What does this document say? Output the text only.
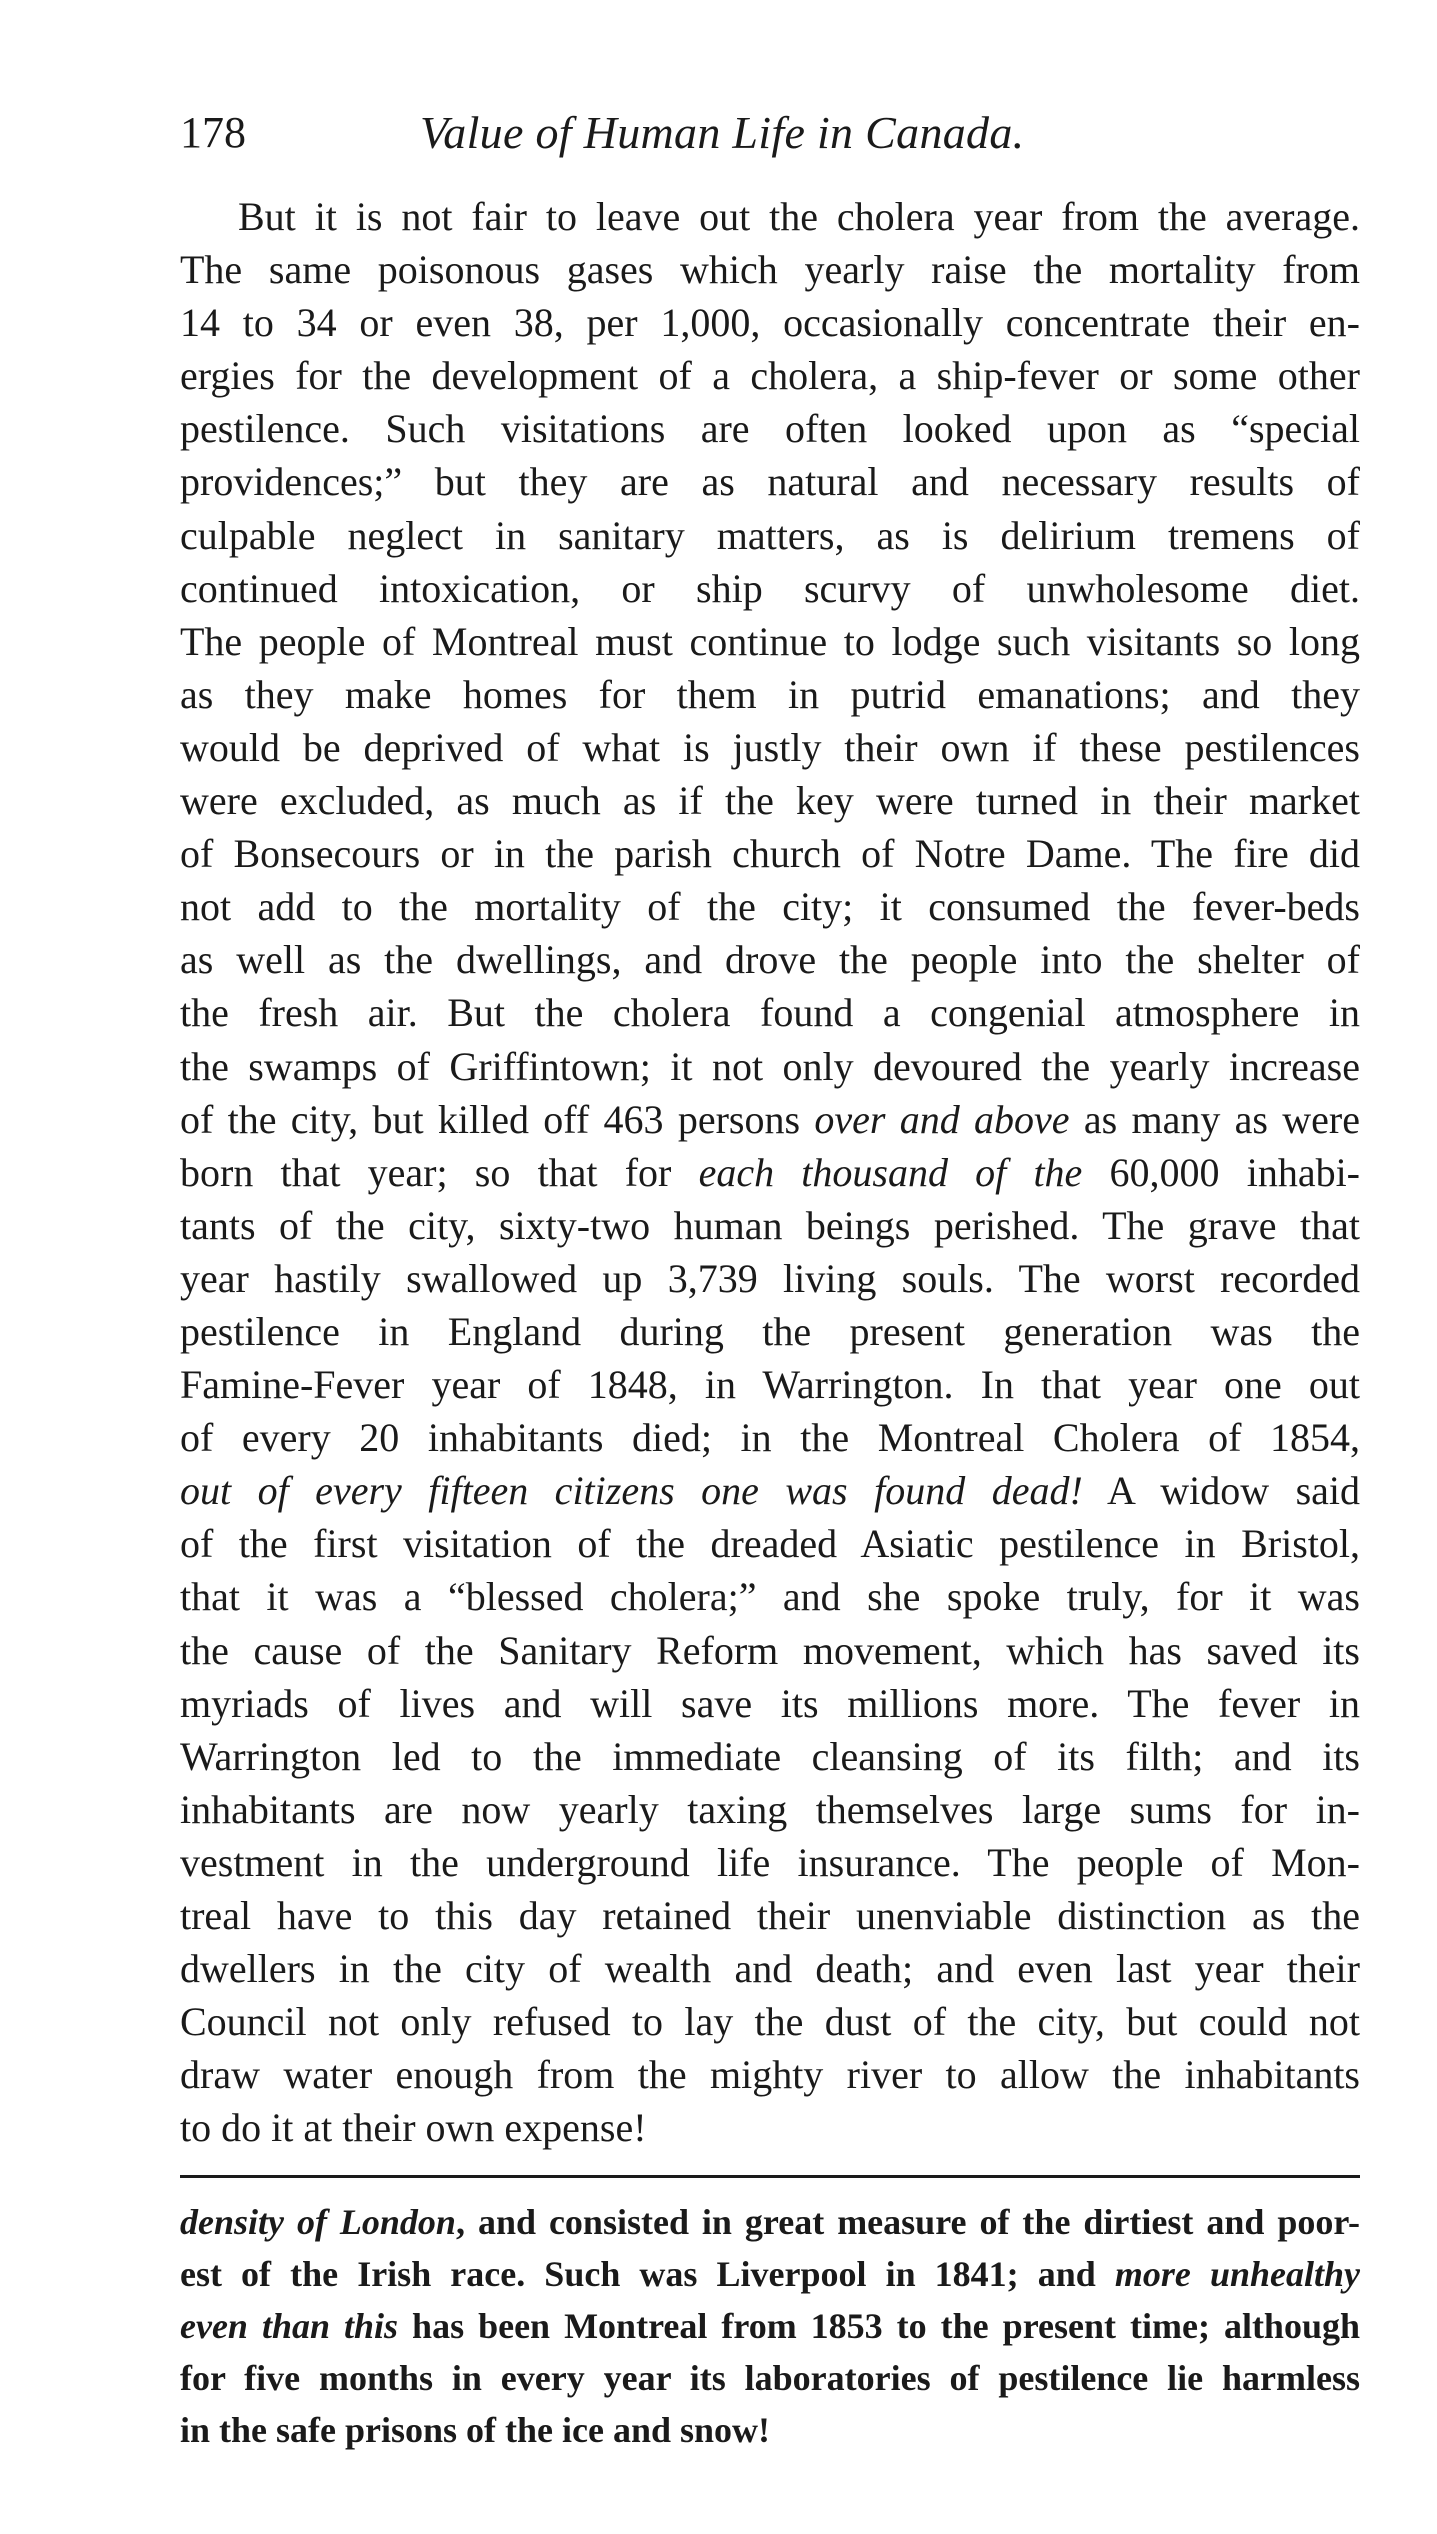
178	Value of Human Life in Canada.
But it is not fair to leave out the cholera year from the average.
The same poisonous gases which yearly raise the mortality from
14 to 34 or even 38, per 1,000, occasionally concentrate their en-
ergies for the development of a cholera, a ship-fever or some other
pestilence. Such visitations are often looked upon as “special
providences;” but they are as natural and necessary results of
culpable neglect in sanitary matters, as is delirium tremens of
continued intoxication, or ship scurvy of unwholesome diet.
The people of Montreal must continue to lodge such visitants so long
as they make homes for them in putrid emanations; and they
would be deprived of what is justly their own if these pestilences
were excluded, as much as if the key were turned in their market
of Bonsecours or in the parish church of Notre Dame. The fire did
not add to the mortality of the city; it consumed the fever-beds
as well as the dwellings, and drove the people into the shelter of
the fresh air. But the cholera found a congenial atmosphere in
the swamps of Griffintown; it not only devoured the yearly increase
of the city, but killed off 463 persons over and above as many as were
born that year; so that for each thousand of the 60,000 inhabi-
tants of the city, sixty-two human beings perished. The grave that
year hastily swallowed up 3,739 living souls. The worst recorded
pestilence in England during the present generation was the
Famine-Fever year of 1848, in Warrington. In that year one out
of every 20 inhabitants died; in the Montreal Cholera of 1854,
out of every fifteen citizens one was found dead! A widow said
of the first visitation of the dreaded Asiatic pestilence in Bristol,
that it was a “blessed cholera;” and she spoke truly, for it was
the cause of the Sanitary Reform movement, which has saved its
myriads of lives and will save its millions more. The fever in
Warrington led to the immediate cleansing of its filth; and its
inhabitants are now yearly taxing themselves large sums for in-
vestment in the underground life insurance. The people of Mon-
treal have to this day retained their unenviable distinction as the
dwellers in the city of wealth and death; and even last year their
Council not only refused to lay the dust of the city, but could not
draw water enough from the mighty river to allow the inhabitants
to do it at their own expense!
density of London, and consisted in great measure of the dirtiest and poor-
est of the Irish race. Such was Liverpool in 1841; and more unhealthy
even than this has been Montreal from 1853 to the present time; although
for five months in every year its laboratories of pestilence lie harmless
in the safe prisons of the ice and snow!
